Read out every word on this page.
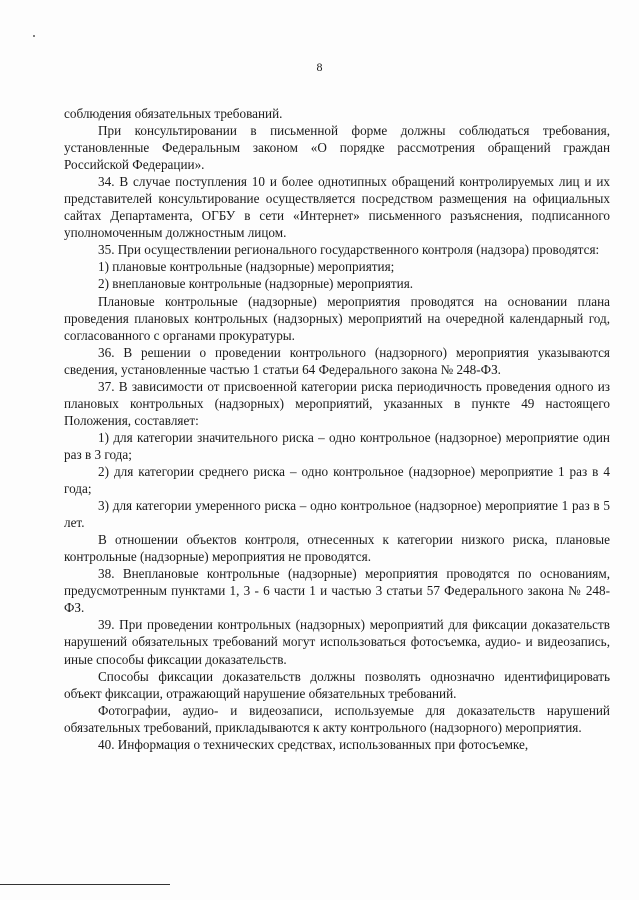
8

соблюдения обязательных требований.

При консультировании в письменной форме должны соблюдаться требования, установленные Федеральным законом «О порядке рассмотрения обращений граждан Российской Федерации».

34. В случае поступления 10 и более однотипных обращений контролируемых лиц и их представителей консультирование осуществляется посредством размещения на официальных сайтах Департамента, ОГБУ в сети «Интернет» письменного разъяснения, подписанного уполномоченным должностным лицом.

35. При осуществлении регионального государственного контроля (надзора) проводятся:

1) плановые контрольные (надзорные) мероприятия;

2) внеплановые контрольные (надзорные) мероприятия.

Плановые контрольные (надзорные) мероприятия проводятся на основании плана проведения плановых контрольных (надзорных) мероприятий на очередной календарный год, согласованного с органами прокуратуры.

36. В решении о проведении контрольного (надзорного) мероприятия указываются сведения, установленные частью 1 статьи 64 Федерального закона № 248-ФЗ.

37. В зависимости от присвоенной категории риска периодичность проведения одного из плановых контрольных (надзорных) мероприятий, указанных в пункте 49 настоящего Положения, составляет:

1) для категории значительного риска – одно контрольное (надзорное) мероприятие один раз в 3 года;

2) для категории среднего риска – одно контрольное (надзорное) мероприятие 1 раз в 4 года;

3) для категории умеренного риска – одно контрольное (надзорное) мероприятие 1 раз в 5 лет.

В отношении объектов контроля, отнесенных к категории низкого риска, плановые контрольные (надзорные) мероприятия не проводятся.

38. Внеплановые контрольные (надзорные) мероприятия проводятся по основаниям, предусмотренным пунктами 1, 3 - 6 части 1 и частью 3 статьи 57 Федерального закона № 248-ФЗ.

39. При проведении контрольных (надзорных) мероприятий для фиксации доказательств нарушений обязательных требований могут использоваться фотосъемка, аудио- и видеозапись, иные способы фиксации доказательств.

Способы фиксации доказательств должны позволять однозначно идентифицировать объект фиксации, отражающий нарушение обязательных требований.

Фотографии, аудио- и видеозаписи, используемые для доказательств нарушений обязательных требований, прикладываются к акту контрольного (надзорного) мероприятия.

40. Информация о технических средствах, использованных при фотосъемке,
